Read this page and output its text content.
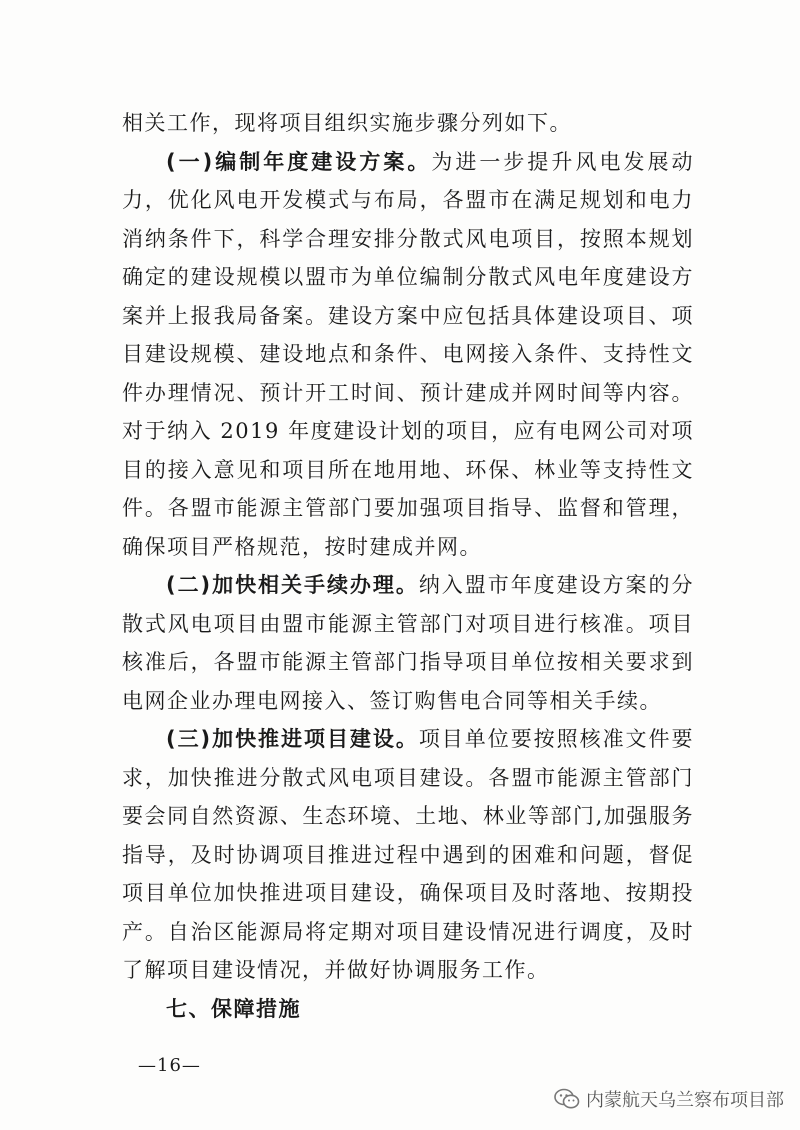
相关工作，现将项目组织实施步骤分列如下。

(一)编制年度建设方案。为进一步提升风电发展动力，优化风电开发模式与布局，各盟市在满足规划和电力消纳条件下，科学合理安排分散式风电项目，按照本规划确定的建设规模以盟市为单位编制分散式风电年度建设方案并上报我局备案。建设方案中应包括具体建设项目、项目建设规模、建设地点和条件、电网接入条件、支持性文件办理情况、预计开工时间、预计建成并网时间等内容。对于纳入 2019 年度建设计划的项目，应有电网公司对项目的接入意见和项目所在地用地、环保、林业等支持性文件。各盟市能源主管部门要加强项目指导、监督和管理，确保项目严格规范，按时建成并网。

(二)加快相关手续办理。纳入盟市年度建设方案的分散式风电项目由盟市能源主管部门对项目进行核准。项目核准后，各盟市能源主管部门指导项目单位按相关要求到电网企业办理电网接入、签订购售电合同等相关手续。

(三)加快推进项目建设。项目单位要按照核准文件要求，加快推进分散式风电项目建设。各盟市能源主管部门要会同自然资源、生态环境、土地、林业等部门,加强服务指导，及时协调项目推进过程中遇到的困难和问题，督促项目单位加快推进项目建设，确保项目及时落地、按期投产。自治区能源局将定期对项目建设情况进行调度，及时了解项目建设情况，并做好协调服务工作。

七、保障措施

—16—
内蒙航天乌兰察布项目部
